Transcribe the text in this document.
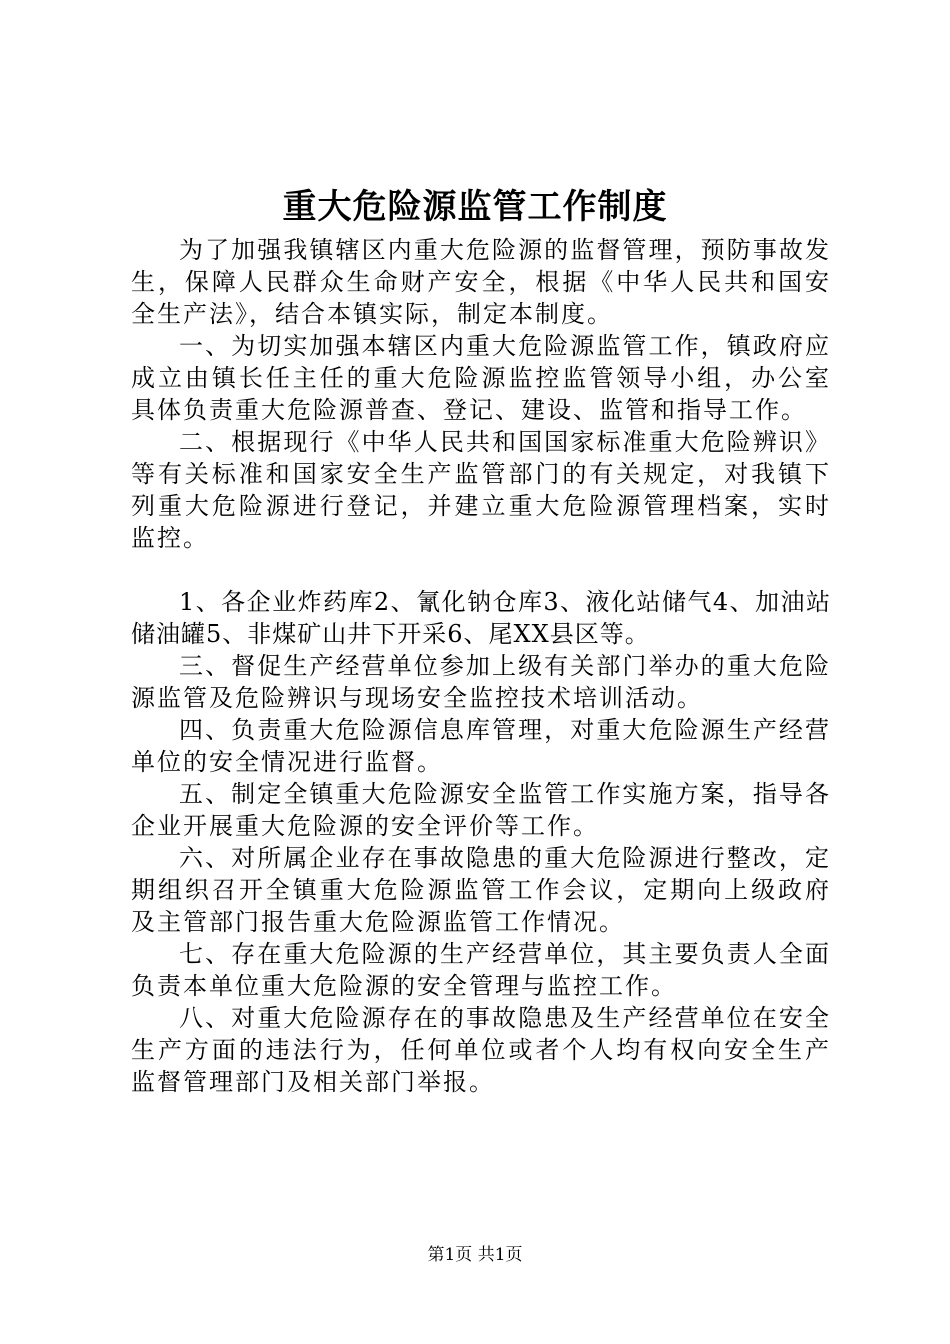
重大危险源监管工作制度

为了加强我镇辖区内重大危险源的监督管理，预防事故发生，保障人民群众生命财产安全，根据《中华人民共和国安全生产法》，结合本镇实际，制定本制度。

一、为切实加强本辖区内重大危险源监管工作，镇政府应成立由镇长任主任的重大危险源监控监管领导小组，办公室具体负责重大危险源普查、登记、建设、监管和指导工作。

二、根据现行《中华人民共和国国家标准重大危险辨识》等有关标准和国家安全生产监管部门的有关规定，对我镇下列重大危险源进行登记，并建立重大危险源管理档案，实时监控。

1、各企业炸药库2、氰化钠仓库3、液化站储气4、加油站储油罐5、非煤矿山井下开采6、尾XX县区等。

三、督促生产经营单位参加上级有关部门举办的重大危险源监管及危险辨识与现场安全监控技术培训活动。

四、负责重大危险源信息库管理，对重大危险源生产经营单位的安全情况进行监督。

五、制定全镇重大危险源安全监管工作实施方案，指导各企业开展重大危险源的安全评价等工作。

六、对所属企业存在事故隐患的重大危险源进行整改，定期组织召开全镇重大危险源监管工作会议，定期向上级政府及主管部门报告重大危险源监管工作情况。

七、存在重大危险源的生产经营单位，其主要负责人全面负责本单位重大危险源的安全管理与监控工作。

八、对重大危险源存在的事故隐患及生产经营单位在安全生产方面的违法行为，任何单位或者个人均有权向安全生产监督管理部门及相关部门举报。

第1页 共1页
